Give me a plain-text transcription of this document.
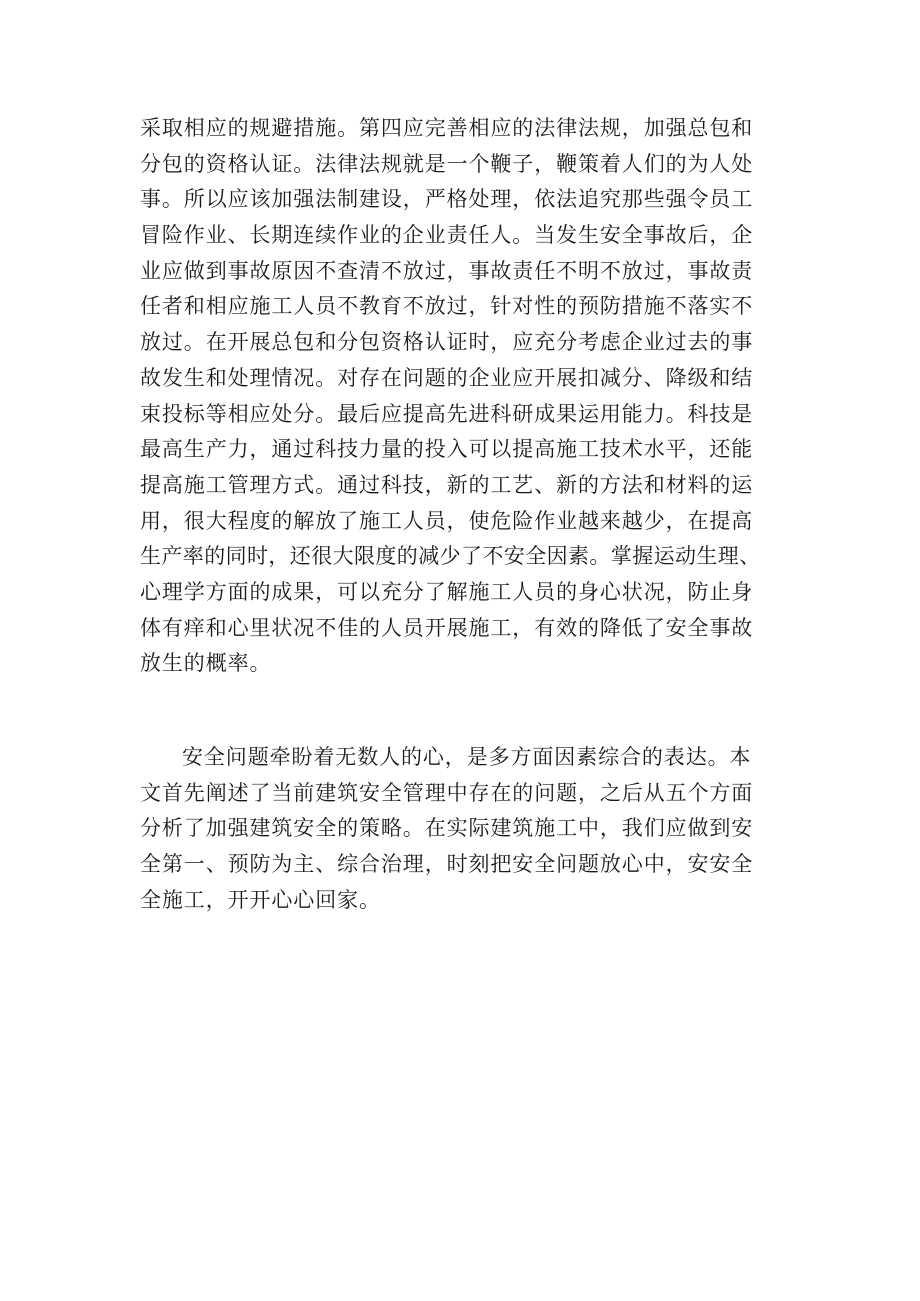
采取相应的规避措施。第四应完善相应的法律法规，加强总包和
分包的资格认证。法律法规就是一个鞭子，鞭策着人们的为人处
事。所以应该加强法制建设，严格处理，依法追究那些强令员工
冒险作业、长期连续作业的企业责任人。当发生安全事故后，企
业应做到事故原因不查清不放过，事故责任不明不放过，事故责
任者和相应施工人员不教育不放过，针对性的预防措施不落实不
放过。在开展总包和分包资格认证时，应充分考虑企业过去的事
故发生和处理情况。对存在问题的企业应开展扣减分、降级和结
束投标等相应处分。最后应提高先进科研成果运用能力。科技是
最高生产力，通过科技力量的投入可以提高施工技术水平，还能
提高施工管理方式。通过科技，新的工艺、新的方法和材料的运
用，很大程度的解放了施工人员，使危险作业越来越少，在提高
生产率的同时，还很大限度的减少了不安全因素。掌握运动生理、
心理学方面的成果，可以充分了解施工人员的身心状况，防止身
体有痒和心里状况不佳的人员开展施工，有效的降低了安全事故
放生的概率。
安全问题牵盼着无数人的心，是多方面因素综合的表达。本
文首先阐述了当前建筑安全管理中存在的问题，之后从五个方面
分析了加强建筑安全的策略。在实际建筑施工中，我们应做到安
全第一、预防为主、综合治理，时刻把安全问题放心中，安安全
全施工，开开心心回家。
